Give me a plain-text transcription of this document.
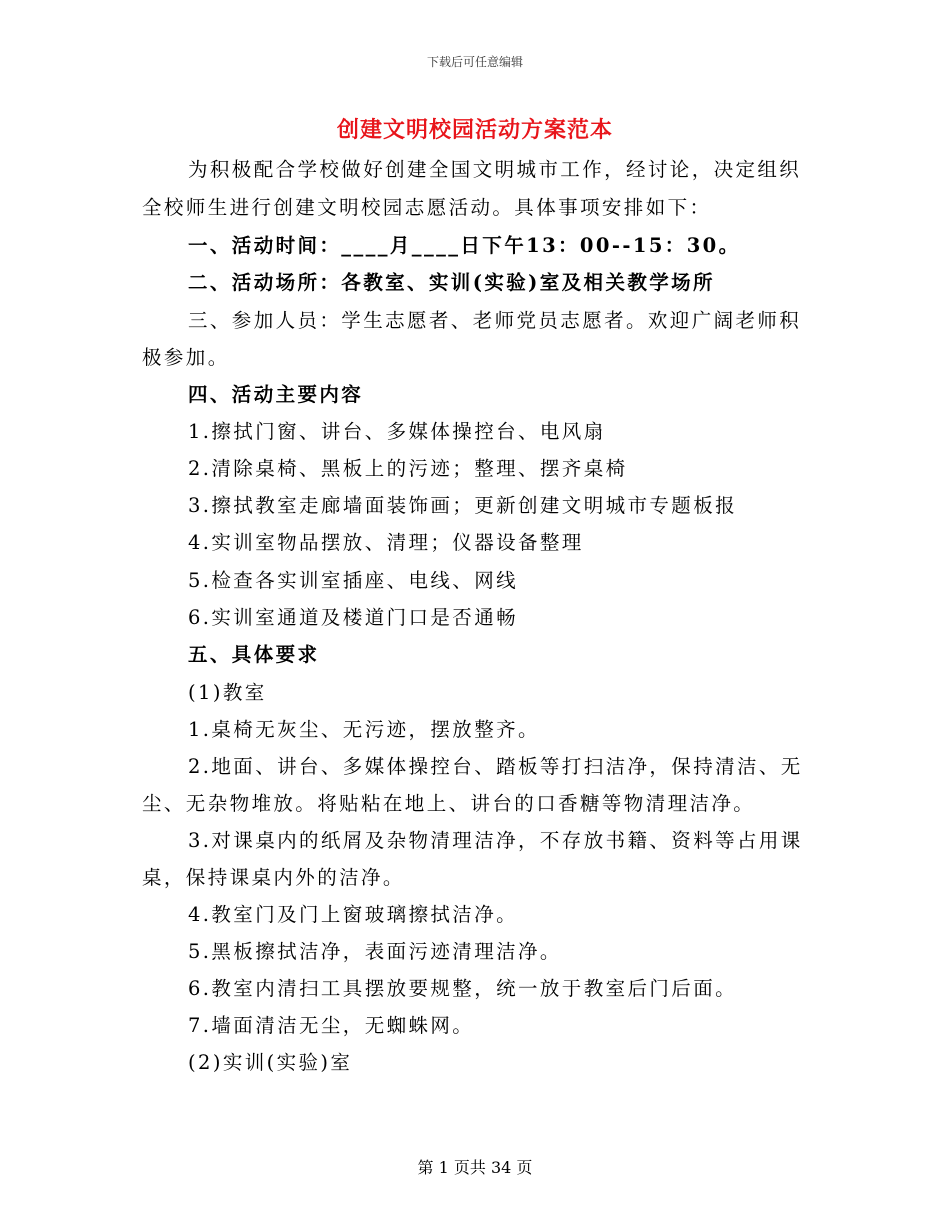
下载后可任意编辑
创建文明校园活动方案范本
为积极配合学校做好创建全国文明城市工作，经讨论，决定组织
全校师生进行创建文明校园志愿活动。具体事项安排如下：
一、活动时间：____月____日下午13：00--15：30。
二、活动场所：各教室、实训(实验)室及相关教学场所
三、参加人员：学生志愿者、老师党员志愿者。欢迎广阔老师积
极参加。
四、活动主要内容
1.擦拭门窗、讲台、多媒体操控台、电风扇
2.清除桌椅、黑板上的污迹；整理、摆齐桌椅
3.擦拭教室走廊墙面装饰画；更新创建文明城市专题板报
4.实训室物品摆放、清理；仪器设备整理
5.检查各实训室插座、电线、网线
6.实训室通道及楼道门口是否通畅
五、具体要求
(1)教室
1.桌椅无灰尘、无污迹，摆放整齐。
2.地面、讲台、多媒体操控台、踏板等打扫洁净，保持清洁、无
尘、无杂物堆放。将贴粘在地上、讲台的口香糖等物清理洁净。
3.对课桌内的纸屑及杂物清理洁净，不存放书籍、资料等占用课
桌，保持课桌内外的洁净。
4.教室门及门上窗玻璃擦拭洁净。
5.黑板擦拭洁净，表面污迹清理洁净。
6.教室内清扫工具摆放要规整，统一放于教室后门后面。
7.墙面清洁无尘，无蜘蛛网。
(2)实训(实验)室
第 1 页共 34 页
